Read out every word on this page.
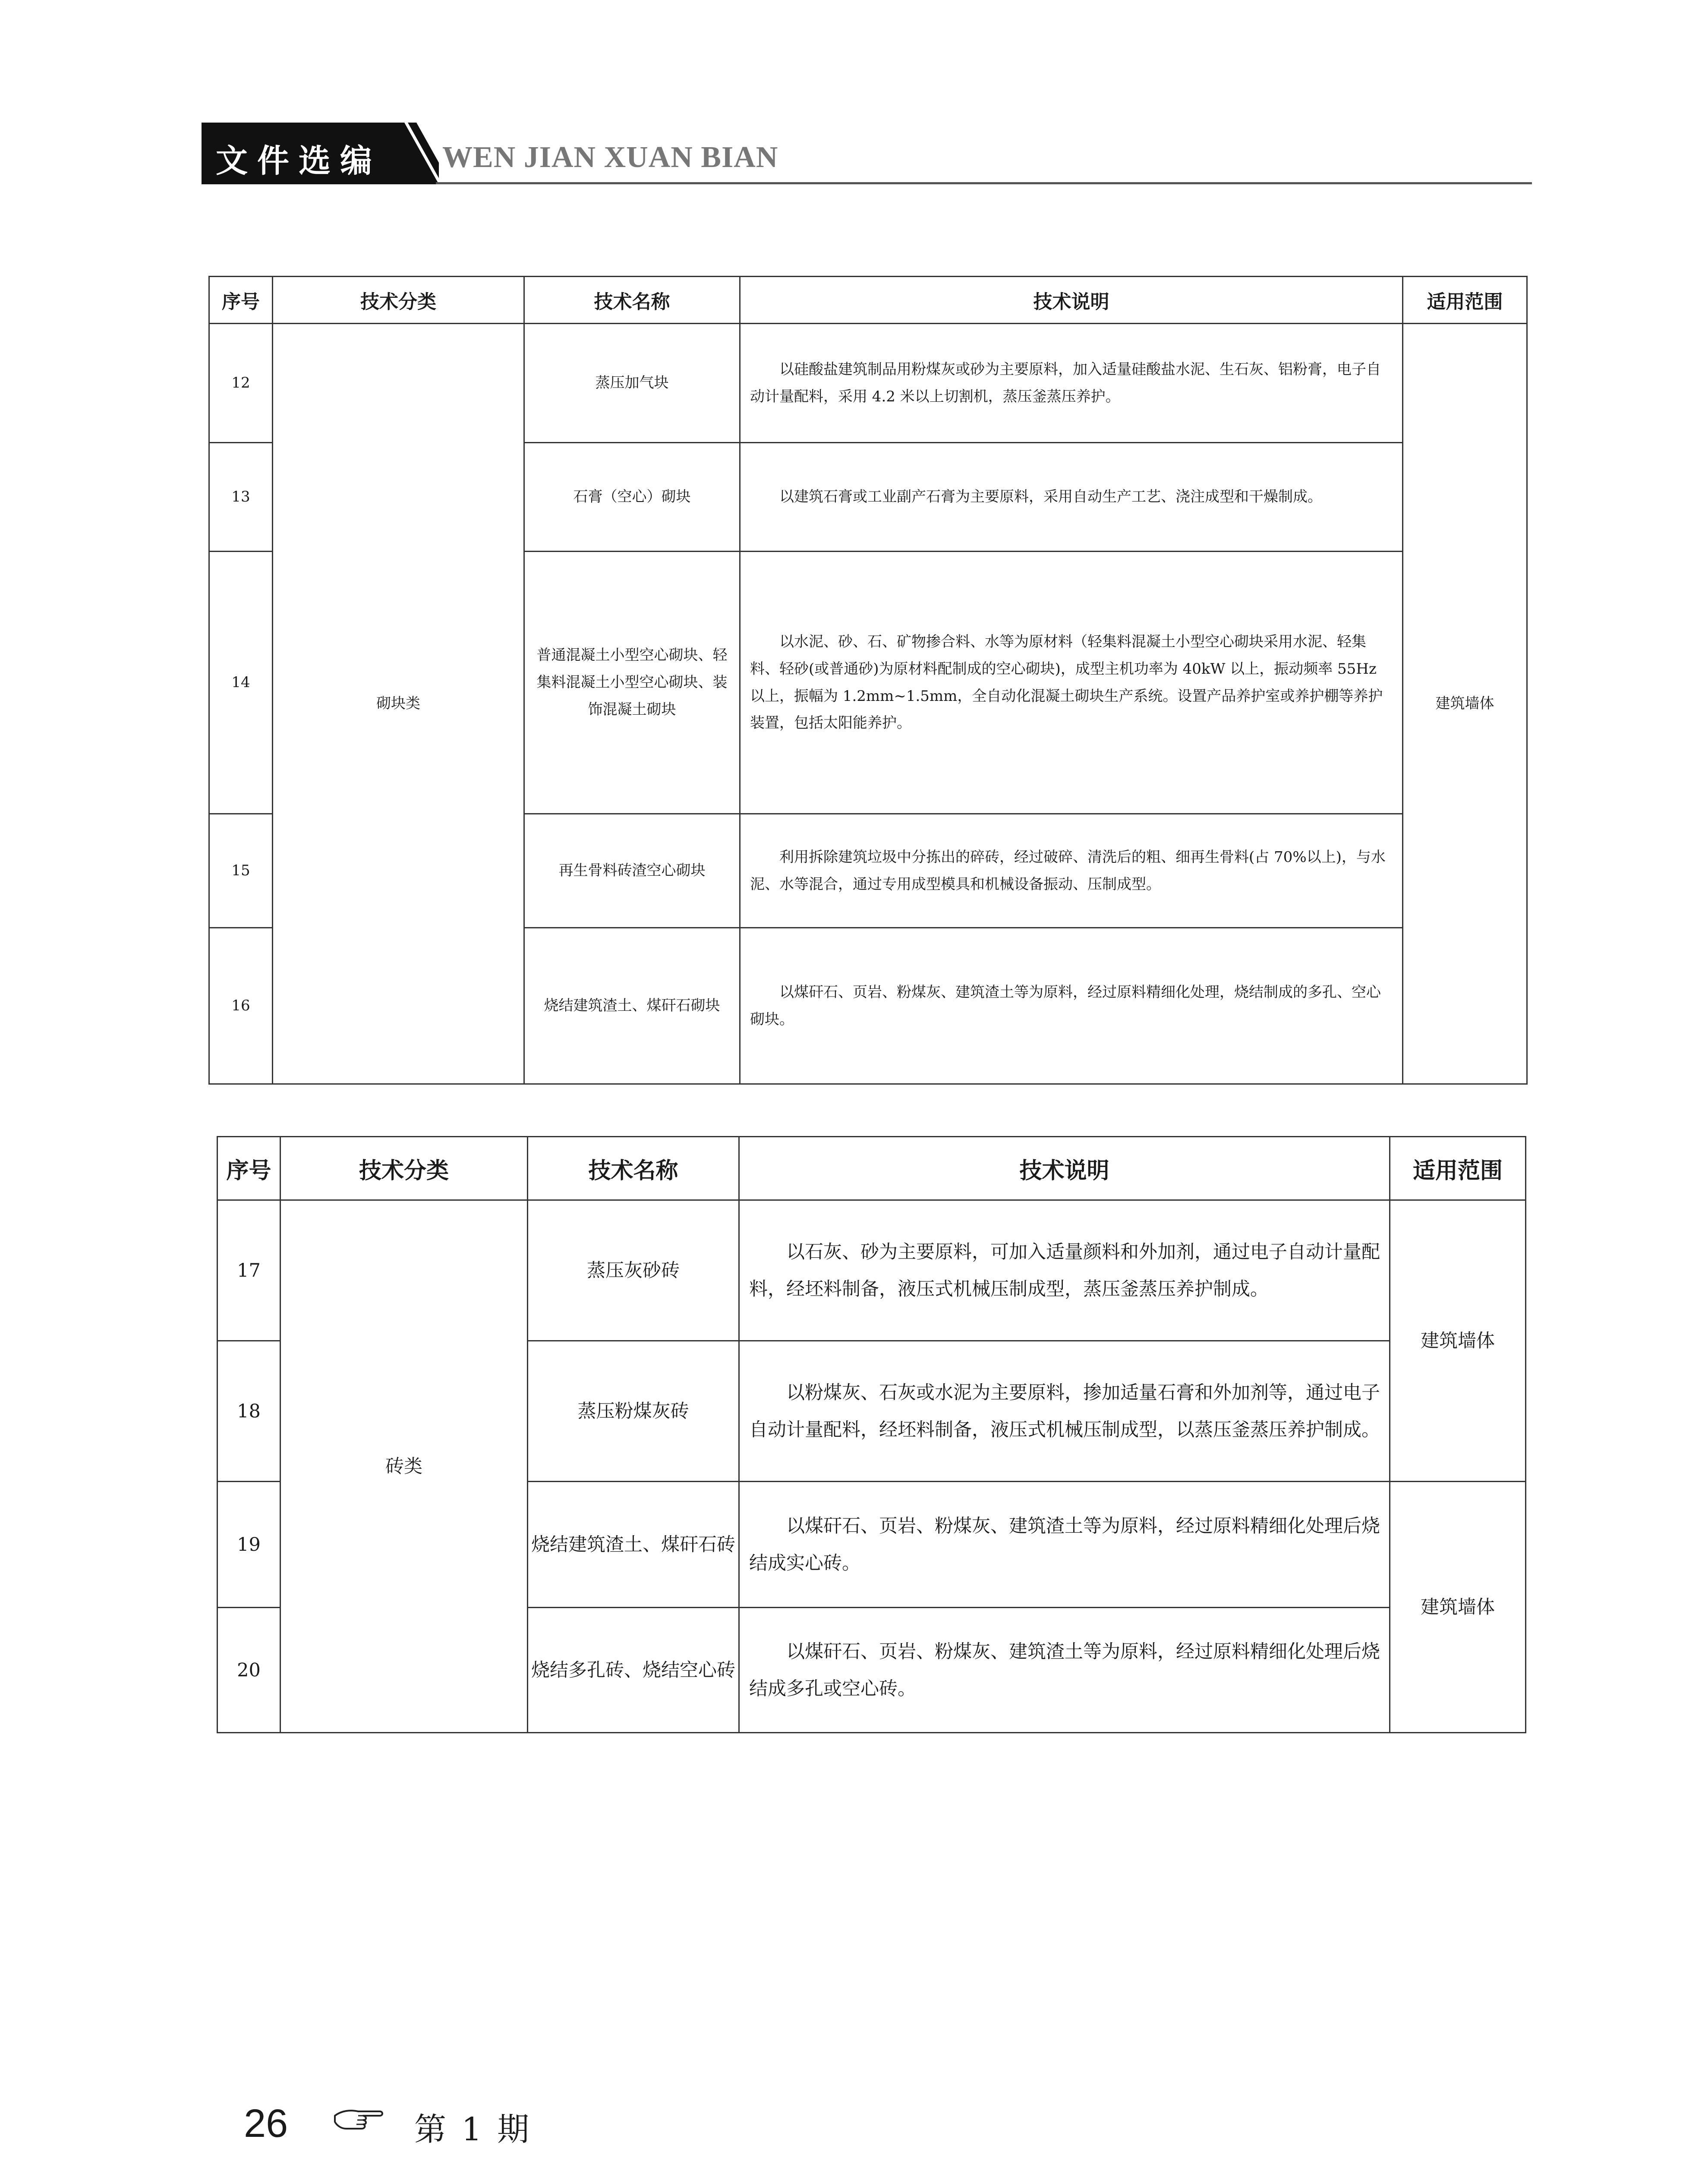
文件选编 WEN JIAN XUAN BIAN
序号	技术分类	技术名称	技术说明	适用范围
12	砌块类	蒸压加气块	以硅酸盐建筑制品用粉煤灰或砂为主要原料，加入适量硅酸盐水泥、生石灰、铝粉膏，电子自动计量配料，采用 4.2 米以上切割机，蒸压釜蒸压养护。	建筑墙体
13		石膏（空心）砌块	以建筑石膏或工业副产石膏为主要原料，采用自动生产工艺、浇注成型和干燥制成。	

14		普通混凝土小型空心砌块、轻集料混凝土小型空心砌块、装饰混凝土砌块	以水泥、砂、石、矿物掺合料、水等为原材料（轻集料混凝土小型空心砌块采用水泥、轻集料、轻砂(或普通砂)为原材料配制成的空心砌块)，成型主机功率为 40kW 以上，振动频率 55Hz 以上，振幅为 1.2mm~1.5mm，全自动化混凝土砌块生产系统。设置产品养护室或养护棚等养护装置，包括太阳能养护。	

15		再生骨料砖渣空心砌块	利用拆除建筑垃圾中分拣出的碎砖，经过破碎、清洗后的粗、细再生骨料(占 70%以上)，与水泥、水等混合，通过专用成型模具和机械设备振动、压制成型。	

16		烧结建筑渣土、煤矸石砌块	以煤矸石、页岩、粉煤灰、建筑渣土等为原料，经过原料精细化处理，烧结制成的多孔、空心砌块。	
序号	技术分类	技术名称	技术说明	适用范围
17	砖类	蒸压灰砂砖	以石灰、砂为主要原料，可加入适量颜料和外加剂，通过电子自动计量配料，经坯料制备，液压式机械压制成型，蒸压釜蒸压养护制成。	建筑墙体
18		蒸压粉煤灰砖	以粉煤灰、石灰或水泥为主要原料，掺加适量石膏和外加剂等，通过电子自动计量配料，经坯料制备，液压式机械压制成型，以蒸压釜蒸压养护制成。	

19		烧结建筑渣土、煤矸石砖	以煤矸石、页岩、粉煤灰、建筑渣土等为原料，经过原料精细化处理后烧结成实心砖。	建筑墙体
20		烧结多孔砖、烧结空心砖	以煤矸石、页岩、粉煤灰、建筑渣土等为原料，经过原料精细化处理后烧结成多孔或空心砖。	
26	第 1 期
